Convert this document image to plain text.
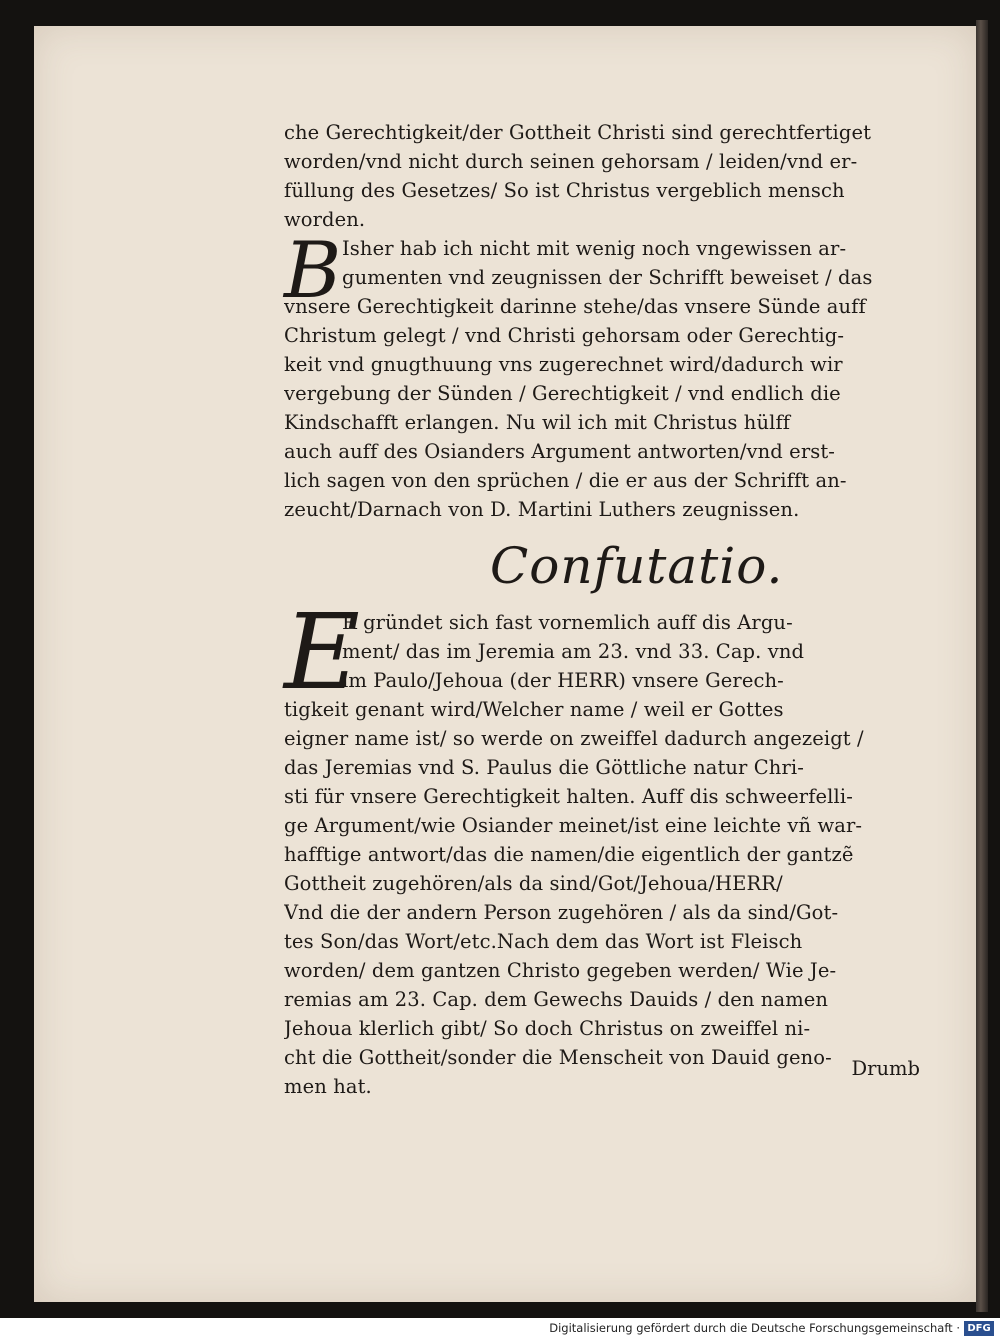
che Gerechtigkeit/der Gottheit Christi sind gerechtfertiget
worden/vnd nicht durch seinen gehorsam / leiden/vnd er-
füllung des Gesetzes/ So ist Christus vergeblich mensch
worden.
Isher hab ich nicht mit wenig noch vngewissen ar-
gumenten vnd zeugnissen der Schrifft beweiset / das
vnsere Gerechtigkeit darinne stehe/das vnsere Sünde auff
Christum gelegt / vnd Christi gehorsam oder Gerechtig-
keit vnd gnugthuung vns zugerechnet wird/dadurch wir
vergebung der Sünden / Gerechtigkeit / vnd endlich die
Kindschafft erlangen. Nu wil ich mit Christus hülff
auch auff des Osianders Argument antworten/vnd erst-
lich sagen von den sprüchen / die er aus der Schrifft an-
zeucht/Darnach von D. Martini Luthers zeugnissen.
B
Confutatio.
E
R gründet sich fast vornemlich auff dis Argu-
ment/ das im Jeremia am 23. vnd 33. Cap. vnd
im Paulo/Jehoua (der HERR) vnsere Gerech-
tigkeit genant wird/Welcher name / weil er Gottes
eigner name ist/ so werde on zweiffel dadurch angezeigt /
das Jeremias vnd S. Paulus die Göttliche natur Chri-
sti für vnsere Gerechtigkeit halten. Auff dis schweerfelli-
ge Argument/wie Osiander meinet/ist eine leichte vñ war-
hafftige antwort/das die namen/die eigentlich der gantzẽ
Gottheit zugehören/als da sind/Got/Jehoua/HERR/
Vnd die der andern Person zugehören / als da sind/Got-
tes Son/das Wort/etc.Nach dem das Wort ist Fleisch
worden/ dem gantzen Christo gegeben werden/ Wie Je-
remias am 23. Cap. dem Gewechs Dauids / den namen
Jehoua klerlich gibt/ So doch Christus on zweiffel ni-
cht die Gottheit/sonder die Menscheit von Dauid geno-
men hat.
Drumb
Digitalisierung gefördert durch die Deutsche Forschungsgemeinschaft · DFG
